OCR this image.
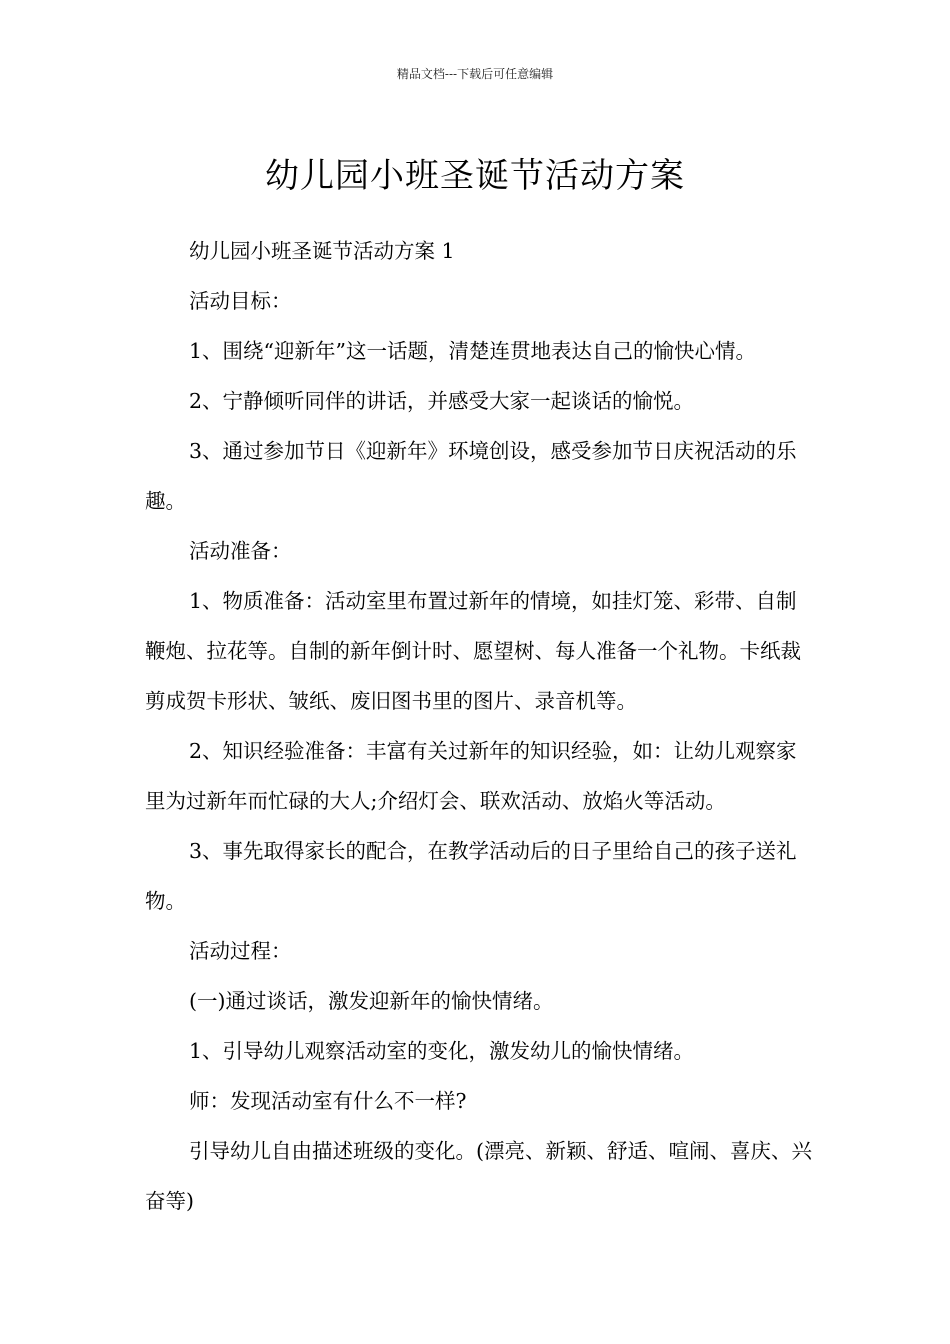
精品文档---下载后可任意编辑
幼儿园小班圣诞节活动方案

幼儿园小班圣诞节活动方案 1

活动目标：

1、围绕“迎新年”这一话题，清楚连贯地表达自己的愉快心情。

2、宁静倾听同伴的讲话，并感受大家一起谈话的愉悦。

3、通过参加节日《迎新年》环境创设，感受参加节日庆祝活动的乐趣。

活动准备：

1、物质准备：活动室里布置过新年的情境，如挂灯笼、彩带、自制鞭炮、拉花等。自制的新年倒计时、愿望树、每人准备一个礼物。卡纸裁剪成贺卡形状、皱纸、废旧图书里的图片、录音机等。

2、知识经验准备：丰富有关过新年的知识经验，如：让幼儿观察家里为过新年而忙碌的大人;介绍灯会、联欢活动、放焰火等活动。

3、事先取得家长的配合，在教学活动后的日子里给自己的孩子送礼物。

活动过程：

(一)通过谈话，激发迎新年的愉快情绪。

1、引导幼儿观察活动室的变化，激发幼儿的愉快情绪。

师：发现活动室有什么不一样?

引导幼儿自由描述班级的变化。(漂亮、新颖、舒适、喧闹、喜庆、兴奋等)
